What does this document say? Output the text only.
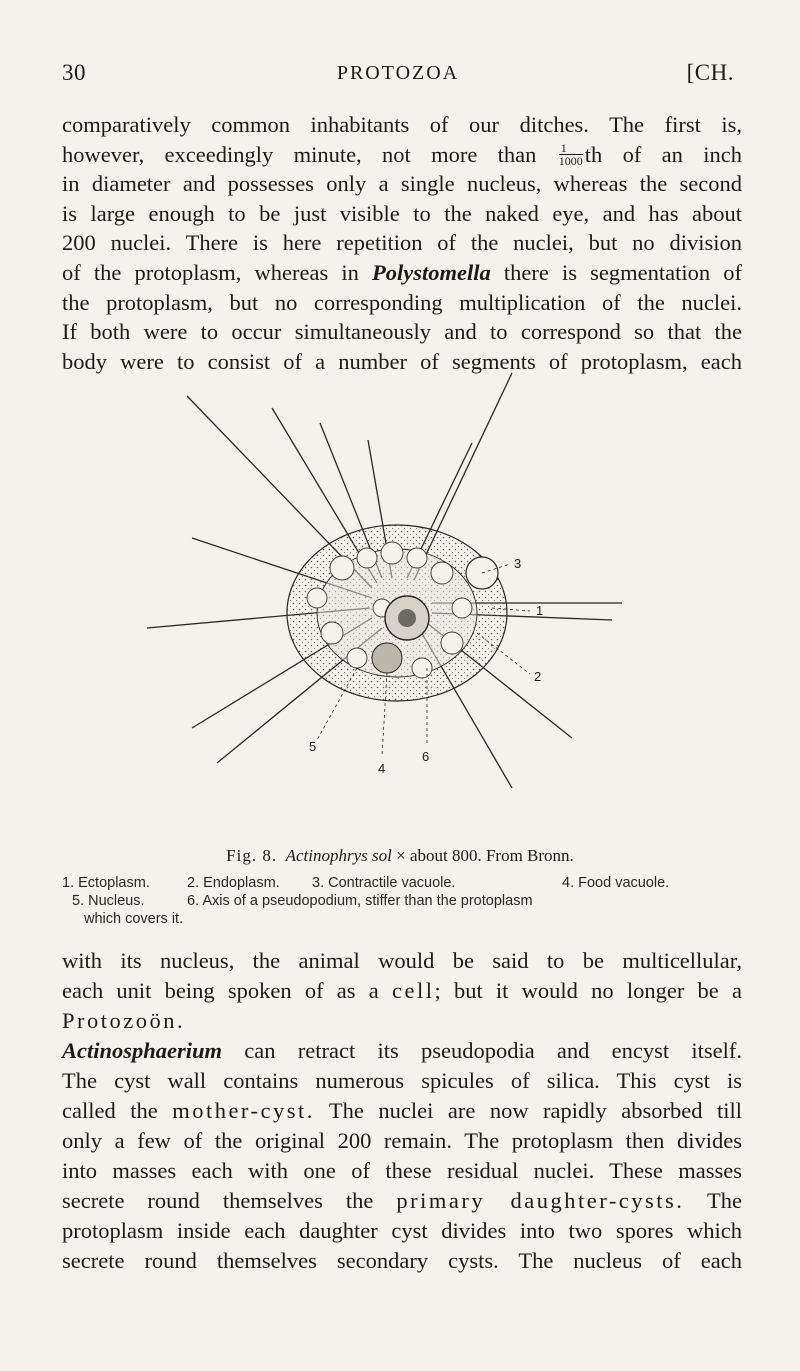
30	PROTOZOA	[CH.
comparatively common inhabitants of our ditches. The first is,
however, exceedingly minute, not more than $\frac{1}{1000}$ th of an inch
in diameter and possesses only a single nucleus, whereas the second
is large enough to be just visible to the naked eye, and has about
200 nuclei. There is here repetition of the nuclei, but no division
of the protoplasm, whereas in Polystomella there is segmentation of
the protoplasm, but no corresponding multiplication of the nuclei.
If both were to occur simultaneously and to correspond so that the
body were to consist of a number of segments of protoplasm, each
1
2
3
4
5
6
Fig. 8. Actinophrys sol × about 800. From Bronn.
1. Ectoplasm.	2. Endoplasm.	3. Contractile vacuole.	4. Food vacuole.
5. Nucleus.	6. Axis of a pseudopodium, stiffer than the protoplasm
which covers it.
with its nucleus, the animal would be said to be multicellular,
each unit being spoken of as a cell; but it would no longer be a
Protozoön.
Actinosphaerium can retract its pseudopodia and encyst itself.
The cyst wall contains numerous spicules of silica. This cyst is
called the mother-cyst. The nuclei are now rapidly absorbed till
only a few of the original 200 remain. The protoplasm then divides
into masses each with one of these residual nuclei. These masses
secrete round themselves the primary daughter-cysts. The
protoplasm inside each daughter cyst divides into two spores which
secrete round themselves secondary cysts. The nucleus of each
